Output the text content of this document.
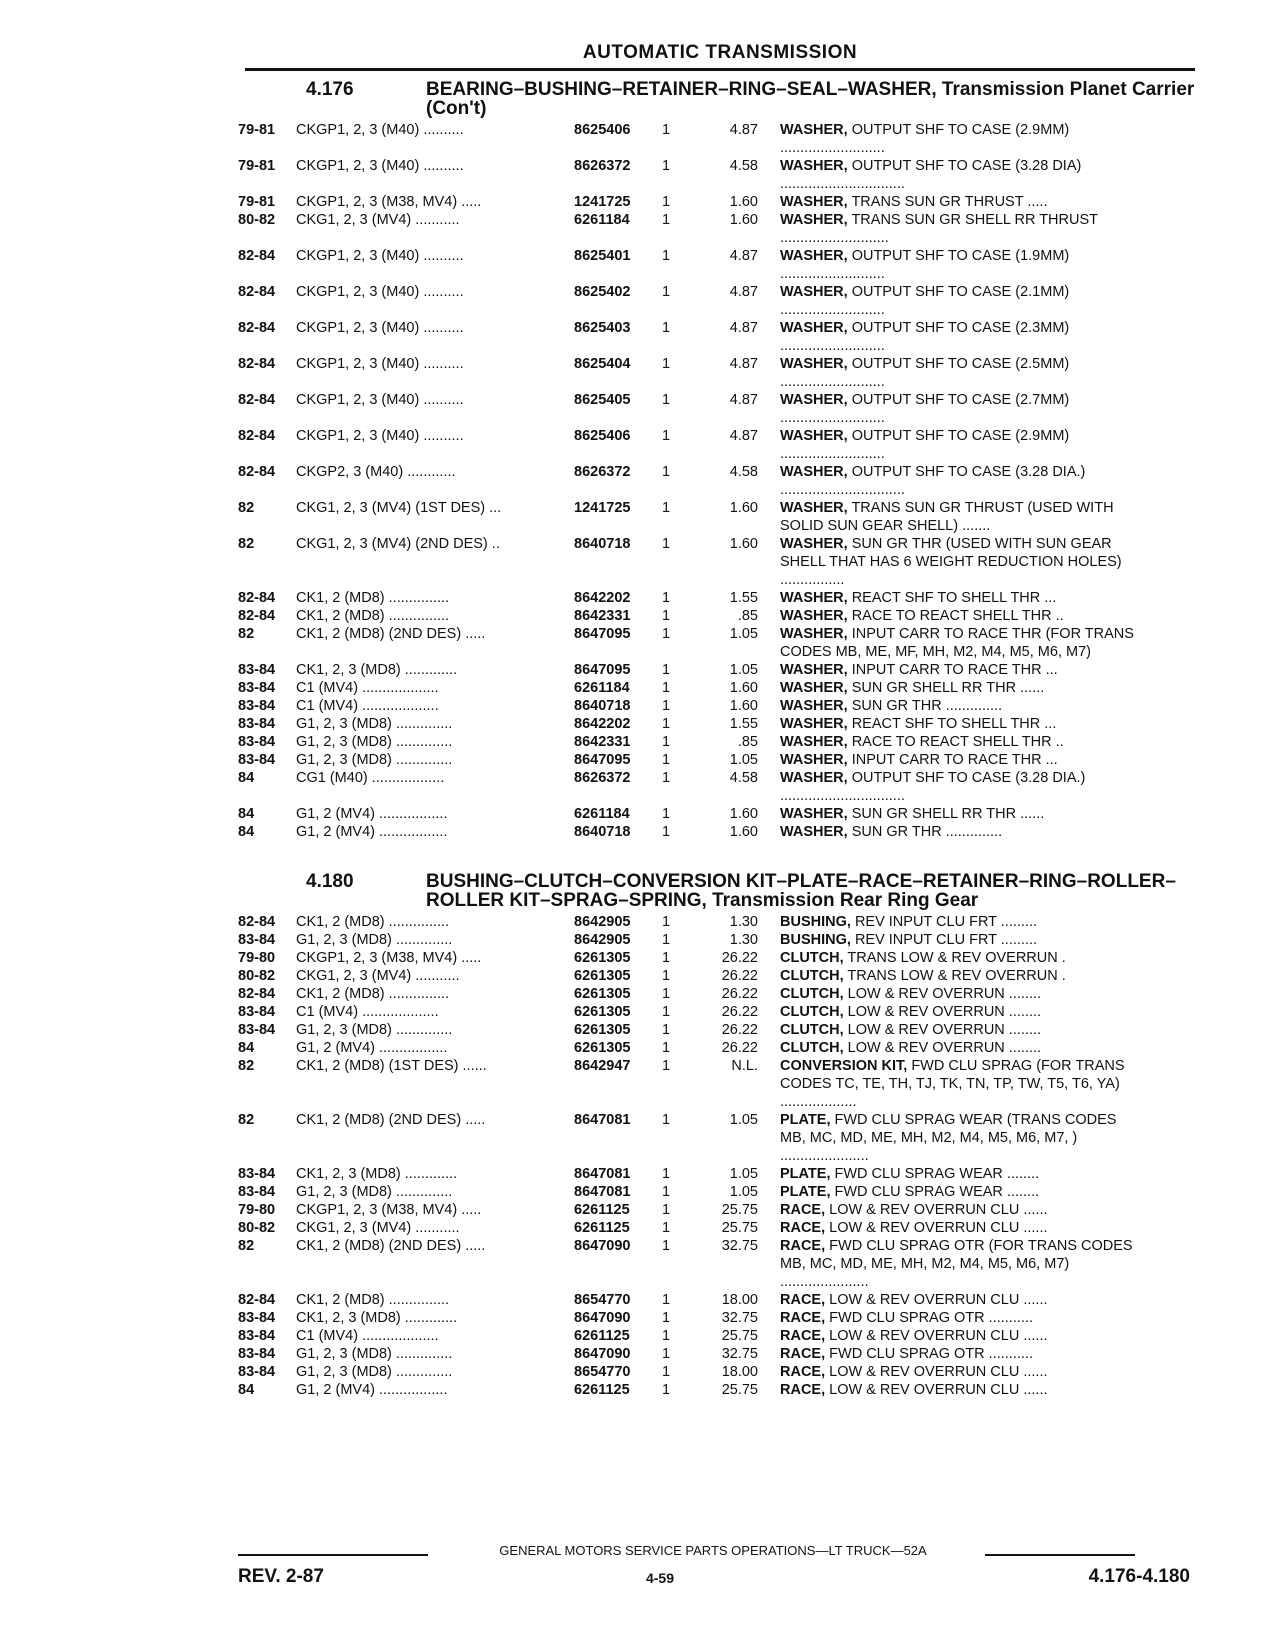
AUTOMATIC TRANSMISSION
4.176	BEARING–BUSHING–RETAINER–RING–SEAL–WASHER, Transmission Planet Carrier (Con't)
79-81	CKGP1, 2, 3 (M40) ..........	8625406	1	4.87 WASHER, OUTPUT SHF TO CASE (2.9MM) ..........................
79-81	CKGP1, 2, 3 (M40) ..........	8626372	1	4.58 WASHER, OUTPUT SHF TO CASE (3.28 DIA) ...............................
79-81	CKGP1, 2, 3 (M38, MV4) .....	1241725	1	1.60 WASHER, TRANS SUN GR THRUST .....
80-82	CKG1, 2, 3 (MV4) ...........	6261184	1	1.60 WASHER, TRANS SUN GR SHELL RR THRUST ...........................
82-84	CKGP1, 2, 3 (M40) ..........	8625401	1	4.87 WASHER, OUTPUT SHF TO CASE (1.9MM) ..........................
82-84	CKGP1, 2, 3 (M40) ..........	8625402	1	4.87 WASHER, OUTPUT SHF TO CASE (2.1MM) ..........................
82-84	CKGP1, 2, 3 (M40) ..........	8625403	1	4.87 WASHER, OUTPUT SHF TO CASE (2.3MM) ..........................
82-84	CKGP1, 2, 3 (M40) ..........	8625404	1	4.87 WASHER, OUTPUT SHF TO CASE (2.5MM) ..........................
82-84	CKGP1, 2, 3 (M40) ..........	8625405	1	4.87 WASHER, OUTPUT SHF TO CASE (2.7MM) ..........................
82-84	CKGP1, 2, 3 (M40) ..........	8625406	1	4.87 WASHER, OUTPUT SHF TO CASE (2.9MM) ..........................
82-84	CKGP2, 3 (M40) ............	8626372	1	4.58 WASHER, OUTPUT SHF TO CASE (3.28 DIA.) ...............................
82	CKG1, 2, 3 (MV4) (1ST DES) ...	1241725	1	1.60 WASHER, TRANS SUN GR THRUST (USED WITH SOLID SUN GEAR SHELL) .......
82	CKG1, 2, 3 (MV4) (2ND DES) ..	8640718	1	1.60 WASHER, SUN GR THR (USED WITH SUN GEAR SHELL THAT HAS 6 WEIGHT REDUCTION HOLES) ................
82-84	CK1, 2 (MD8) ...............	8642202	1	1.55 WASHER, REACT SHF TO SHELL THR ...
82-84	CK1, 2 (MD8) ...............	8642331	1	.85 WASHER, RACE TO REACT SHELL THR ..
82	CK1, 2 (MD8) (2ND DES) .....	8647095	1	1.05 WASHER, INPUT CARR TO RACE THR (FOR TRANS CODES MB, ME, MF, MH, M2, M4, M5, M6, M7)
83-84	CK1, 2, 3 (MD8) .............	8647095	1	1.05 WASHER, INPUT CARR TO RACE THR ...
83-84	C1 (MV4) ...................	6261184	1	1.60 WASHER, SUN GR SHELL RR THR ......
83-84	C1 (MV4) ...................	8640718	1	1.60 WASHER, SUN GR THR ..............
83-84	G1, 2, 3 (MD8) ..............	8642202	1	1.55 WASHER, REACT SHF TO SHELL THR ...
83-84	G1, 2, 3 (MD8) ..............	8642331	1	.85 WASHER, RACE TO REACT SHELL THR ..
83-84	G1, 2, 3 (MD8) ..............	8647095	1	1.05 WASHER, INPUT CARR TO RACE THR ...
84	CG1 (M40) ..................	8626372	1	4.58 WASHER, OUTPUT SHF TO CASE (3.28 DIA.) ...............................
84	G1, 2 (MV4) .................	6261184	1	1.60 WASHER, SUN GR SHELL RR THR ......
84	G1, 2 (MV4) .................	8640718	1	1.60 WASHER, SUN GR THR ..............
4.180	BUSHING–CLUTCH–CONVERSION KIT–PLATE–RACE–RETAINER–RING–ROLLER–ROLLER KIT–SPRAG–SPRING, Transmission Rear Ring Gear
82-84	CK1, 2 (MD8) ...............	8642905	1	1.30 BUSHING, REV INPUT CLU FRT .........
83-84	G1, 2, 3 (MD8) ..............	8642905	1	1.30 BUSHING, REV INPUT CLU FRT .........
79-80	CKGP1, 2, 3 (M38, MV4) .....	6261305	1	26.22 CLUTCH, TRANS LOW & REV OVERRUN .
80-82	CKG1, 2, 3 (MV4) ...........	6261305	1	26.22 CLUTCH, TRANS LOW & REV OVERRUN .
82-84	CK1, 2 (MD8) ...............	6261305	1	26.22 CLUTCH, LOW & REV OVERRUN ........
83-84	C1 (MV4) ...................	6261305	1	26.22 CLUTCH, LOW & REV OVERRUN ........
83-84	G1, 2, 3 (MD8) ..............	6261305	1	26.22 CLUTCH, LOW & REV OVERRUN ........
84	G1, 2 (MV4) .................	6261305	1	26.22 CLUTCH, LOW & REV OVERRUN ........
82	CK1, 2 (MD8) (1ST DES) ......	8642947	1	N.L. CONVERSION KIT, FWD CLU SPRAG (FOR TRANS CODES TC, TE, TH, TJ, TK, TN, TP, TW, T5, T6, YA) ...................
82	CK1, 2 (MD8) (2ND DES) .....	8647081	1	1.05 PLATE, FWD CLU SPRAG WEAR (TRANS CODES MB, MC, MD, ME, MH, M2, M4, M5, M6, M7, ) ......................
83-84	CK1, 2, 3 (MD8) .............	8647081	1	1.05 PLATE, FWD CLU SPRAG WEAR ........
83-84	G1, 2, 3 (MD8) ..............	8647081	1	1.05 PLATE, FWD CLU SPRAG WEAR ........
79-80	CKGP1, 2, 3 (M38, MV4) .....	6261125	1	25.75 RACE, LOW & REV OVERRUN CLU ......
80-82	CKG1, 2, 3 (MV4) ...........	6261125	1	25.75 RACE, LOW & REV OVERRUN CLU ......
82	CK1, 2 (MD8) (2ND DES) .....	8647090	1	32.75 RACE, FWD CLU SPRAG OTR (FOR TRANS CODES MB, MC, MD, ME, MH, M2, M4, M5, M6, M7) ......................
82-84	CK1, 2 (MD8) ...............	8654770	1	18.00 RACE, LOW & REV OVERRUN CLU ......
83-84	CK1, 2, 3 (MD8) .............	8647090	1	32.75 RACE, FWD CLU SPRAG OTR ...........
83-84	C1 (MV4) ...................	6261125	1	25.75 RACE, LOW & REV OVERRUN CLU ......
83-84	G1, 2, 3 (MD8) ..............	8647090	1	32.75 RACE, FWD CLU SPRAG OTR ...........
83-84	G1, 2, 3 (MD8) ..............	8654770	1	18.00 RACE, LOW & REV OVERRUN CLU ......
84	G1, 2 (MV4) .................	6261125	1	25.75 RACE, LOW & REV OVERRUN CLU ......
GENERAL MOTORS SERVICE PARTS OPERATIONS—LT TRUCK—52A
REV. 2-87	4-59	4.176-4.180
